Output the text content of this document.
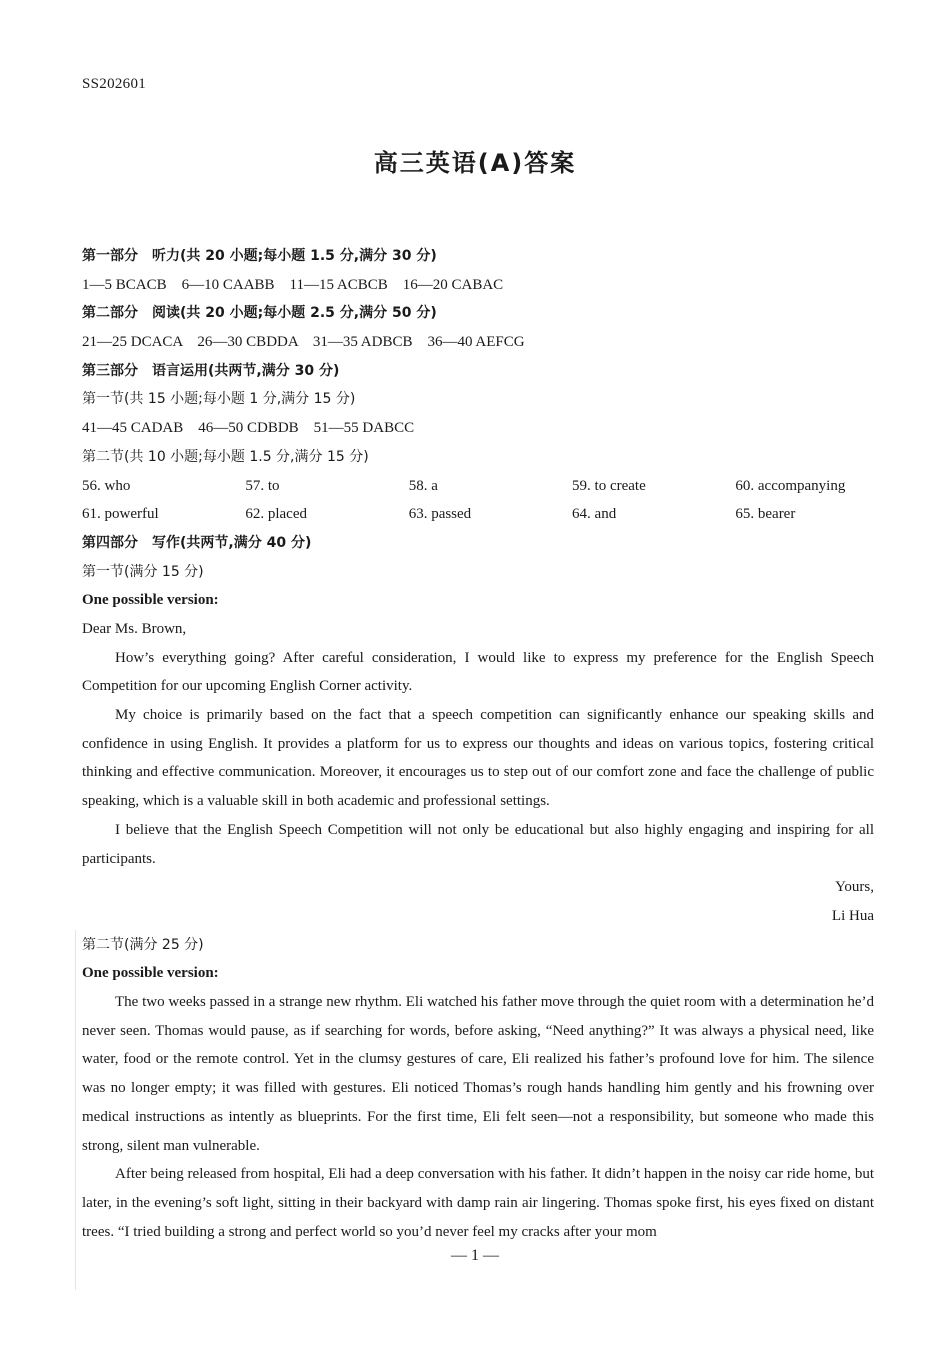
SS202601
高三英语(A)答案
第一部分　听力(共 20 小题;每小题 1.5 分,满分 30 分)
1—5 BCACB　6—10 CAABB　11—15 ACBCB　16—20 CABAC
第二部分　阅读(共 20 小题;每小题 2.5 分,满分 50 分)
21—25 DCACA　26—30 CBDDA　31—35 ADBCB　36—40 AEFCG
第三部分　语言运用(共两节,满分 30 分)
第一节(共 15 小题;每小题 1 分,满分 15 分)
41—45 CADAB　46—50 CDBDB　51—55 DABCC
第二节(共 10 小题;每小题 1.5 分,满分 15 分)
56. who	57. to	58. a	59. to create	60. accompanying
61. powerful	62. placed	63. passed	64. and	65. bearer
第四部分　写作(共两节,满分 40 分)
第一节(满分 15 分)
One possible version:
Dear Ms. Brown,

How’s everything going? After careful consideration, I would like to express my preference for the English Speech Competition for our upcoming English Corner activity.

My choice is primarily based on the fact that a speech competition can significantly enhance our speaking skills and confidence in using English. It provides a platform for us to express our thoughts and ideas on various topics, fostering critical thinking and effective communication. Moreover, it encourages us to step out of our comfort zone and face the challenge of public speaking, which is a valuable skill in both academic and professional settings.

I believe that the English Speech Competition will not only be educational but also highly engaging and inspiring for all participants.

Yours,
Li Hua
第二节(满分 25 分)
One possible version:

The two weeks passed in a strange new rhythm. Eli watched his father move through the quiet room with a determination he’d never seen. Thomas would pause, as if searching for words, before asking, “Need anything?” It was always a physical need, like water, food or the remote control. Yet in the clumsy gestures of care, Eli realized his father’s profound love for him. The silence was no longer empty; it was filled with gestures. Eli noticed Thomas’s rough hands handling him gently and his frowning over medical instructions as intently as blueprints. For the first time, Eli felt seen—not a responsibility, but someone who made this strong, silent man vulnerable.

After being released from hospital, Eli had a deep conversation with his father. It didn’t happen in the noisy car ride home, but later, in the evening’s soft light, sitting in their backyard with damp rain air lingering. Thomas spoke first, his eyes fixed on distant trees. “I tried building a strong and perfect world so you’d never feel my cracks after your mom

— 1 —
